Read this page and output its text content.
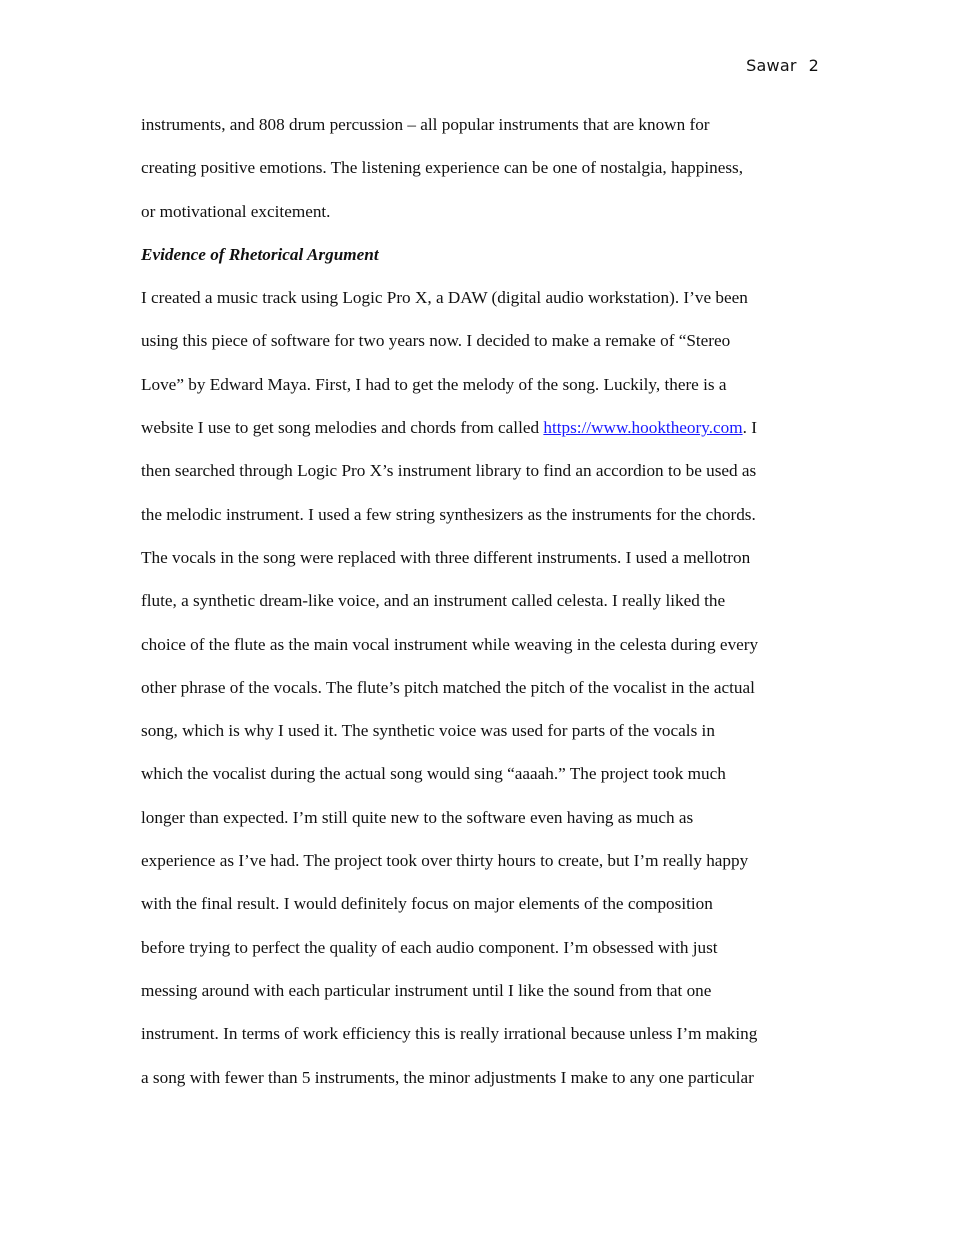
Sawar 2
instruments, and 808 drum percussion – all popular instruments that are known for
creating positive emotions. The listening experience can be one of nostalgia, happiness,
or motivational excitement.
Evidence of Rhetorical Argument
I created a music track using Logic Pro X, a DAW (digital audio workstation). I’ve been
using this piece of software for two years now. I decided to make a remake of “Stereo
Love” by Edward Maya. First, I had to get the melody of the song. Luckily, there is a
website I use to get song melodies and chords from called https://www.hooktheory.com. I
then searched through Logic Pro X’s instrument library to find an accordion to be used as
the melodic instrument. I used a few string synthesizers as the instruments for the chords.
The vocals in the song were replaced with three different instruments. I used a mellotron
flute, a synthetic dream-like voice, and an instrument called celesta. I really liked the
choice of the flute as the main vocal instrument while weaving in the celesta during every
other phrase of the vocals. The flute’s pitch matched the pitch of the vocalist in the actual
song, which is why I used it. The synthetic voice was used for parts of the vocals in
which the vocalist during the actual song would sing “aaaah.” The project took much
longer than expected. I’m still quite new to the software even having as much as
experience as I’ve had. The project took over thirty hours to create, but I’m really happy
with the final result. I would definitely focus on major elements of the composition
before trying to perfect the quality of each audio component. I’m obsessed with just
messing around with each particular instrument until I like the sound from that one
instrument. In terms of work efficiency this is really irrational because unless I’m making
a song with fewer than 5 instruments, the minor adjustments I make to any one particular
